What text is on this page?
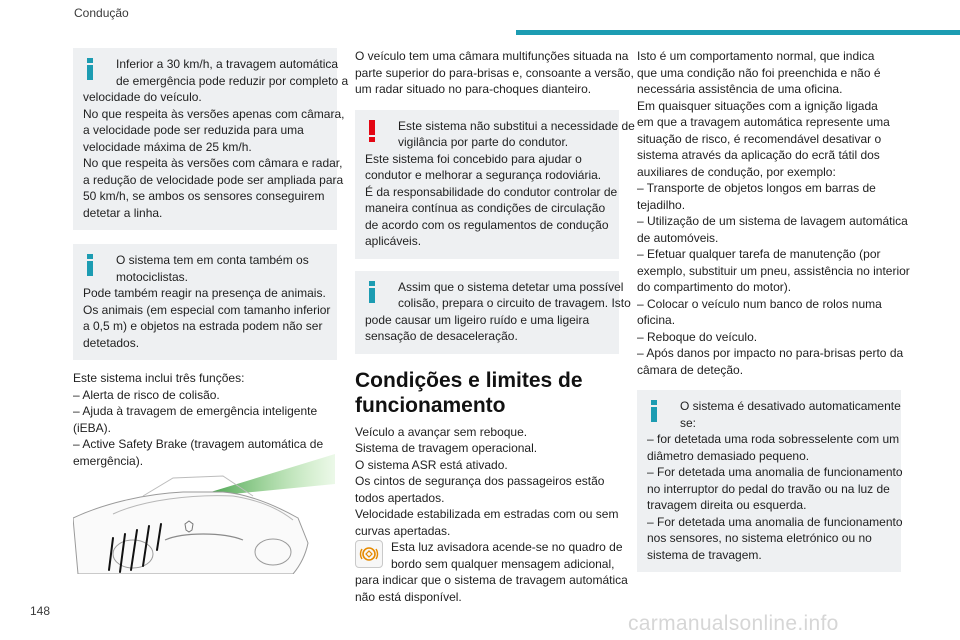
Condução
Inferior a 30 km/h, a travagem automática
de emergência pode reduzir por completo a
velocidade do veículo.
No que respeita às versões apenas com câmara,
a velocidade pode ser reduzida para uma
velocidade máxima de 25 km/h.
No que respeita às versões com câmara e radar,
a redução de velocidade pode ser ampliada para
50 km/h, se ambos os sensores conseguirem
detetar a linha.
O sistema tem em conta também os
motociclistas.
Pode também reagir na presença de animais.
Os animais (em especial com tamanho inferior
a 0,5 m) e objetos na estrada podem não ser
detetados.
Este sistema inclui três funções:
– Alerta de risco de colisão.
– Ajuda à travagem de emergência inteligente
(iEBA).
– Active Safety Brake (travagem automática de
emergência).
O veículo tem uma câmara multifunções situada na
parte superior do para-brisas e, consoante a versão,
um radar situado no para-choques dianteiro.
Este sistema não substitui a necessidade de
vigilância por parte do condutor.
Este sistema foi concebido para ajudar o
condutor e melhorar a segurança rodoviária.
É da responsabilidade do condutor controlar de
maneira contínua as condições de circulação
de acordo com os regulamentos de condução
aplicáveis.
Assim que o sistema detetar uma possível
colisão, prepara o circuito de travagem. Isto
pode causar um ligeiro ruído e uma ligeira
sensação de desaceleração.
Condições e limites de
funcionamento
Veículo a avançar sem reboque.
Sistema de travagem operacional.
O sistema ASR está ativado.
Os cintos de segurança dos passageiros estão
todos apertados.
Velocidade estabilizada em estradas com ou sem
curvas apertadas.
Esta luz avisadora acende-se no quadro de
bordo sem qualquer mensagem adicional,
para indicar que o sistema de travagem automática
não está disponível.
Isto é um comportamento normal, que indica
que uma condição não foi preenchida e não é
necessária assistência de uma oficina.
Em quaisquer situações com a ignição ligada
em que a travagem automática represente uma
situação de risco, é recomendável desativar o
sistema através da aplicação do ecrã tátil dos
auxiliares de condução, por exemplo:
– Transporte de objetos longos em barras de
tejadilho.
– Utilização de um sistema de lavagem automática
de automóveis.
– Efetuar qualquer tarefa de manutenção (por
exemplo, substituir um pneu, assistência no interior
do compartimento do motor).
– Colocar o veículo num banco de rolos numa
oficina.
– Reboque do veículo.
– Após danos por impacto no para-brisas perto da
câmara de deteção.
O sistema é desativado automaticamente
se:
– for detetada uma roda sobresselente com um
diâmetro demasiado pequeno.
– For detetada uma anomalia de funcionamento
no interruptor do pedal do travão ou na luz de
travagem direita ou esquerda.
– For detetada uma anomalia de funcionamento
nos sensores, no sistema eletrónico ou no
sistema de travagem.
148
carmanualsonline.info
